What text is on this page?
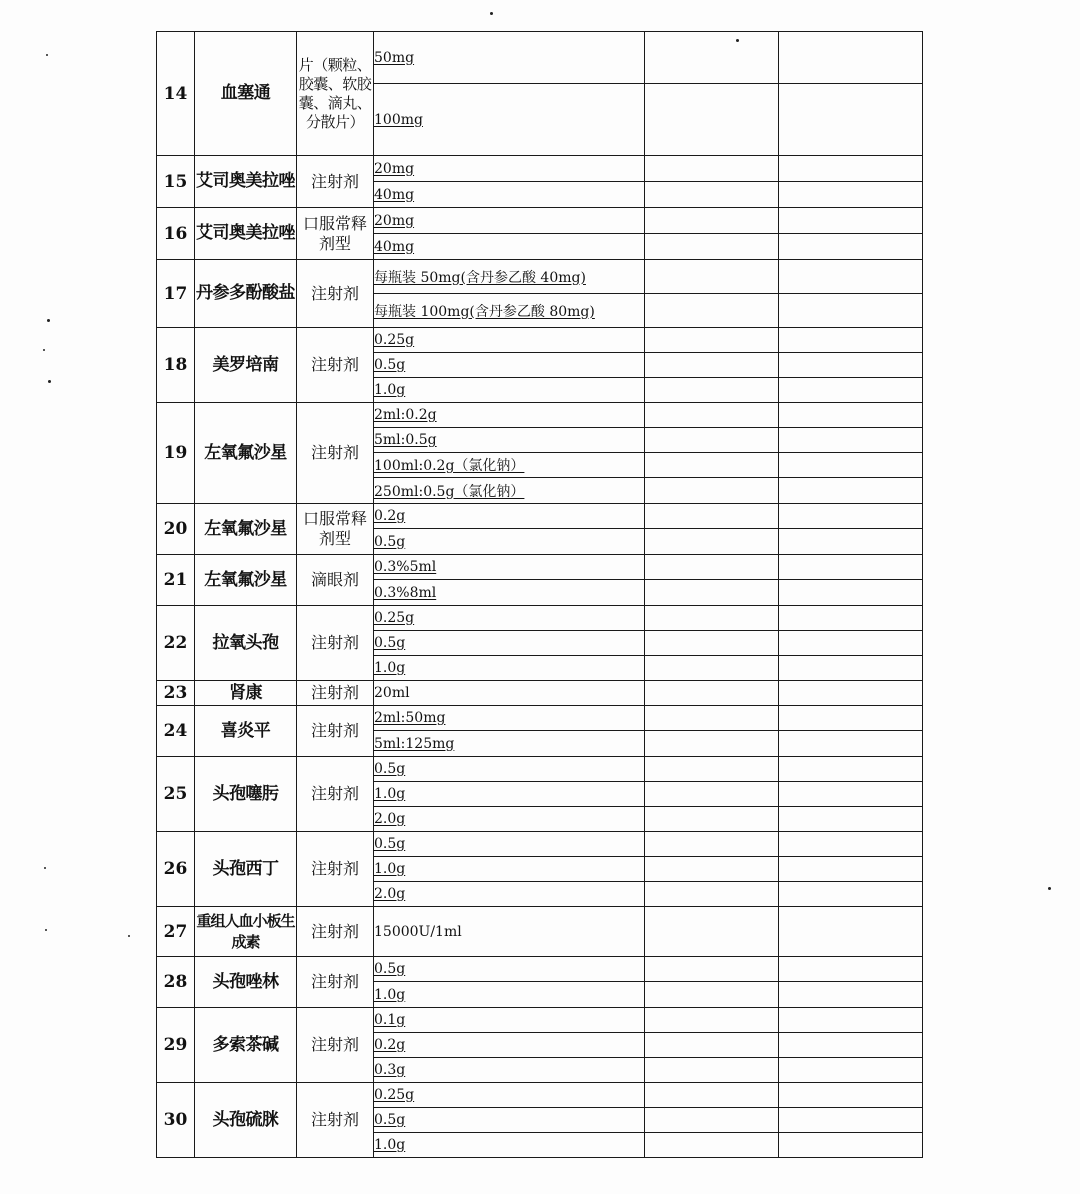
14	血塞通	片（颗粒、胶囊、软胶囊、滴丸、分散片）	50mg		
			100mg		
15	艾司奥美拉唑	注射剂	20mg		
			40mg		
16	艾司奥美拉唑	口服常释剂型	20mg		
			40mg		
17	丹参多酚酸盐	注射剂	每瓶装 50mg(含丹参乙酸 40mg)		
			每瓶装 100mg(含丹参乙酸 80mg)		
18	美罗培南	注射剂	0.25g		
			0.5g		
			1.0g		
19	左氧氟沙星	注射剂	2ml:0.2g		
			5ml:0.5g		
			100ml:0.2g（氯化钠）		
			250ml:0.5g（氯化钠）		
20	左氧氟沙星	口服常释剂型	0.2g		
			0.5g		
21	左氧氟沙星	滴眼剂	0.3%5ml		
			0.3%8ml		
22	拉氧头孢	注射剂	0.25g		
			0.5g		
			1.0g		
23	肾康	注射剂	20ml		
24	喜炎平	注射剂	2ml:50mg		
			5ml:125mg		
25	头孢噻肟	注射剂	0.5g		
			1.0g		
			2.0g		
26	头孢西丁	注射剂	0.5g		
			1.0g		
			2.0g		
27	重组人血小板生成素	注射剂	15000U/1ml		
28	头孢唑林	注射剂	0.5g		
			1.0g		
29	多索茶碱	注射剂	0.1g		
			0.2g		
			0.3g		
30	头孢硫脒	注射剂	0.25g		
			0.5g		
			1.0g		
